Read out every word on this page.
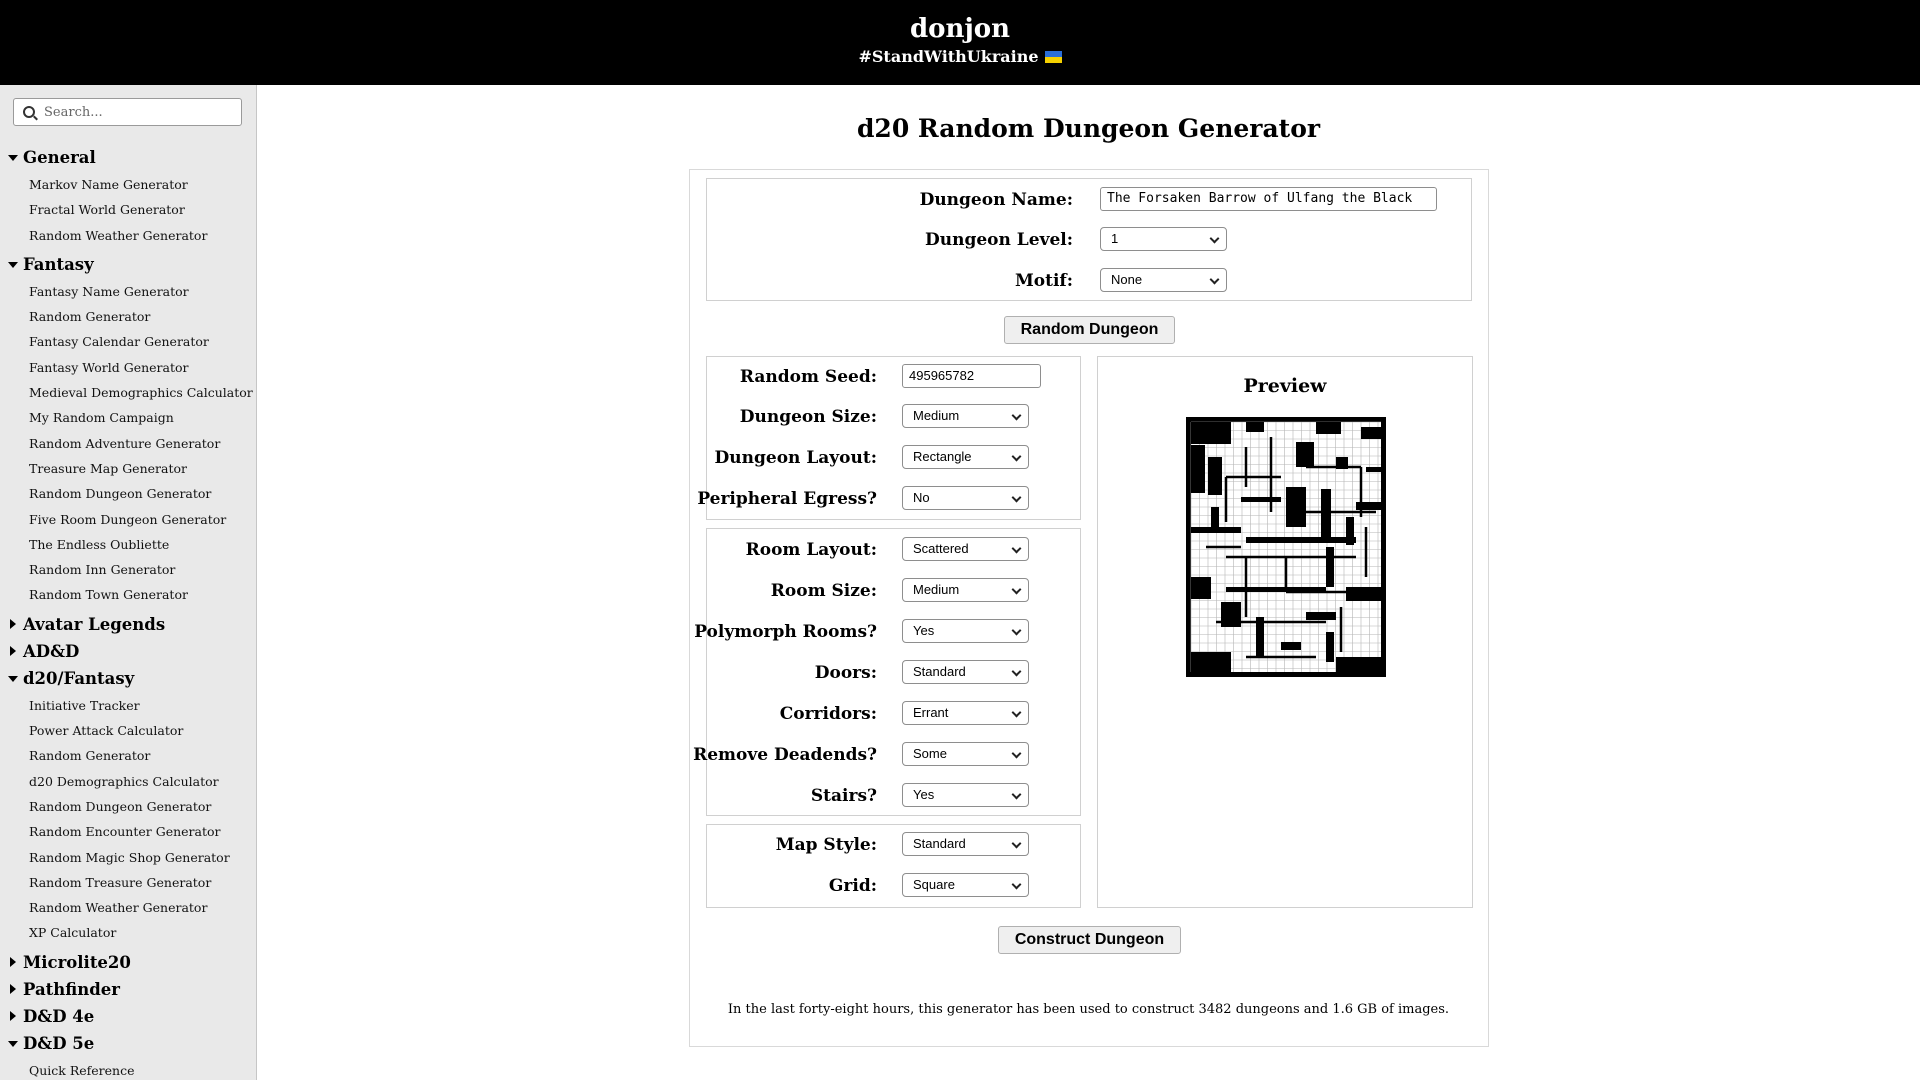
donjon
#StandWithUkraine
Search...
General
Markov Name Generator
Fractal World Generator
Random Weather Generator
Fantasy
Fantasy Name Generator
Random Generator
Fantasy Calendar Generator
Fantasy World Generator
Medieval Demographics Calculator
My Random Campaign
Random Adventure Generator
Treasure Map Generator
Random Dungeon Generator
Five Room Dungeon Generator
The Endless Oubliette
Random Inn Generator
Random Town Generator
Avatar Legends
AD&D
d20/Fantasy
Initiative Tracker
Power Attack Calculator
Random Generator
d20 Demographics Calculator
Random Dungeon Generator
Random Encounter Generator
Random Magic Shop Generator
Random Treasure Generator
Random Weather Generator
XP Calculator
Microlite20
Pathfinder
D&D 4e
D&D 5e
Quick Reference
d20 Random Dungeon Generator
Dungeon Name:	The Forsaken Barrow of Ulfang the Black
Dungeon Level:	1
Motif:	None
Random Dungeon
Random Seed:	495965782
Dungeon Size:	Medium
Dungeon Layout:	Rectangle
Peripheral Egress?	No
Room Layout:	Scattered
Room Size:	Medium
Polymorph Rooms?	Yes
Doors:	Standard
Corridors:	Errant
Remove Deadends?	Some
Stairs?	Yes
Map Style:	Standard
Grid:	Square
Preview
Construct Dungeon
In the last forty-eight hours, this generator has been used to construct 3482 dungeons and 1.6 GB of images.
